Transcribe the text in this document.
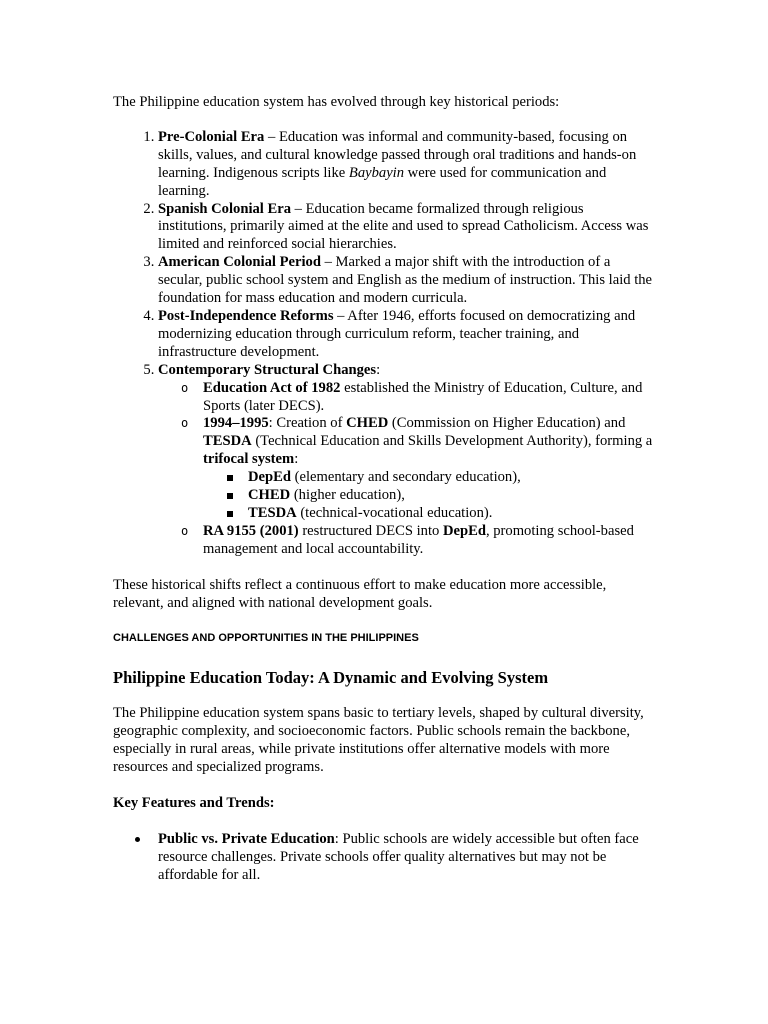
The Philippine education system has evolved through key historical periods:

1. Pre-Colonial Era – Education was informal and community-based, focusing on skills, values, and cultural knowledge passed through oral traditions and hands-on learning. Indigenous scripts like Baybayin were used for communication and learning.
2. Spanish Colonial Era – Education became formalized through religious institutions, primarily aimed at the elite and used to spread Catholicism. Access was limited and reinforced social hierarchies.
3. American Colonial Period – Marked a major shift with the introduction of a secular, public school system and English as the medium of instruction. This laid the foundation for mass education and modern curricula.
4. Post-Independence Reforms – After 1946, efforts focused on democratizing and modernizing education through curriculum reform, teacher training, and infrastructure development.
5. Contemporary Structural Changes:
o Education Act of 1982 established the Ministry of Education, Culture, and Sports (later DECS).
o 1994–1995: Creation of CHED (Commission on Higher Education) and TESDA (Technical Education and Skills Development Authority), forming a trifocal system:
DepEd (elementary and secondary education),
CHED (higher education),
TESDA (technical-vocational education).
o RA 9155 (2001) restructured DECS into DepEd, promoting school-based management and local accountability.

These historical shifts reflect a continuous effort to make education more accessible, relevant, and aligned with national development goals.

CHALLENGES AND OPPORTUNITIES IN THE PHILIPPINES

Philippine Education Today: A Dynamic and Evolving System

The Philippine education system spans basic to tertiary levels, shaped by cultural diversity, geographic complexity, and socioeconomic factors. Public schools remain the backbone, especially in rural areas, while private institutions offer alternative models with more resources and specialized programs.

Key Features and Trends:

Public vs. Private Education: Public schools are widely accessible but often face resource challenges. Private schools offer quality alternatives but may not be affordable for all.
